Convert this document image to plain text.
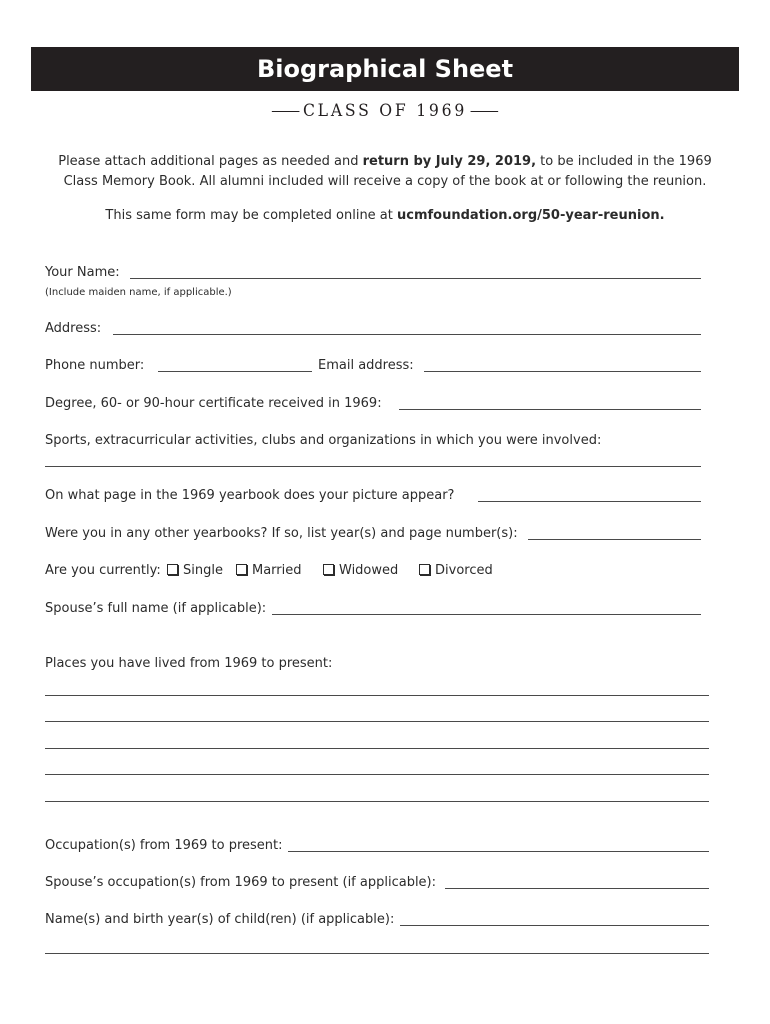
Biographical Sheet
CLASS OF 1969
Please attach additional pages as needed and return by July 29, 2019, to be included in the 1969 Class Memory Book. All alumni included will receive a copy of the book at or following the reunion.
This same form may be completed online at ucmfoundation.org/50-year-reunion.
Your Name:
(Include maiden name, if applicable.)
Address:
Phone number:	Email address:
Degree, 60- or 90-hour certificate received in 1969:
Sports, extracurricular activities, clubs and organizations in which you were involved:
On what page in the 1969 yearbook does your picture appear?
Were you in any other yearbooks? If so, list year(s) and page number(s):
Are you currently:	Single	Married	Widowed	Divorced
Spouse’s full name (if applicable):
Places you have lived from 1969 to present:
Occupation(s) from 1969 to present:
Spouse’s occupation(s) from 1969 to present (if applicable):
Name(s) and birth year(s) of child(ren) (if applicable):
